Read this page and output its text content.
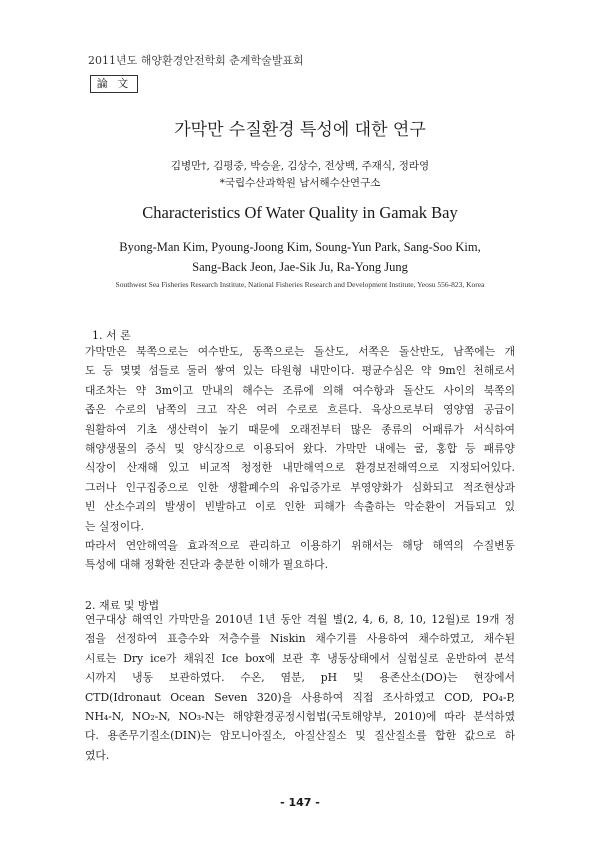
2011년도 해양환경안전학회 춘계학술발표회
論 文
가막만 수질환경 특성에 대한 연구
김병만†, 김평중, 박승윤, 김상수, 전상백, 주재식, 정라영
*국립수산과학원 남서해수산연구소
Characteristics Of Water Quality in Gamak Bay
Byong-Man Kim, Pyoung-Joong Kim, Soung-Yun Park, Sang-Soo Kim,
Sang-Back Jeon, Jae-Sik Ju, Ra-Yong Jung
Southwest Sea Fisheries Research Institute, National Fisheries Research and Development Institute, Yeosu 556-823, Korea
1. 서 론
가막만은 북쪽으로는 여수반도, 동쪽으로는 돌산도, 서쪽은 돌산반도, 남쪽에는 개
도 등 몇몇 섬들로 둘러 쌓여 있는 타원형 내만이다. 평균수심은 약 9m인 천해로서
대조차는 약 3m이고 만내의 해수는 조류에 의해 여수항과 돌산도 사이의 북쪽의
좁은 수로의 남쪽의 크고 작은 여러 수로로 흐른다. 육상으로부터 영양염 공급이
원활하여 기초 생산력이 높기 때문에 오래전부터 많은 종류의 어패류가 서식하여
해양생물의 증식 및 양식장으로 이용되어 왔다. 가막만 내에는 굴, 홍합 등 패류양
식장이 산재해 있고 비교적 청정한 내만해역으로 환경보전해역으로 지정되어있다.
그러나 인구집중으로 인한 생활폐수의 유입증가로 부영양화가 심화되고 적조현상과
빈 산소수괴의 발생이 빈발하고 이로 인한 피해가 속출하는 악순환이 거듭되고 있
는 실정이다.
따라서 연안해역을 효과적으로 관리하고 이용하기 위해서는 해당 해역의 수질변동
특성에 대해 정확한 진단과 충분한 이해가 필요하다.
2. 재료 및 방법
연구대상 해역인 가막만을 2010년 1년 동안 격월 별(2, 4, 6, 8, 10, 12월)로 19개 정
점을 선정하여 표층수와 저층수를 Niskin 채수기를 사용하여 채수하였고, 채수된
시료는 Dry ice가 채워진 Ice box에 보관 후 냉동상태에서 실험실로 운반하여 분석
시까지 냉동 보관하였다. 수온, 염분, pH 및 용존산소(DO)는 현장에서
CTD(Idronaut Ocean Seven 320)을 사용하여 직접 조사하였고 COD, PO₄-P,
NH₄-N, NO₂-N, NO₃-N는 해양환경공정시험법(국토해양부, 2010)에 따라 분석하였
다. 용존무기질소(DIN)는 암모니아질소, 아질산질소 및 질산질소를 합한 값으로 하
였다.
- 147 -
